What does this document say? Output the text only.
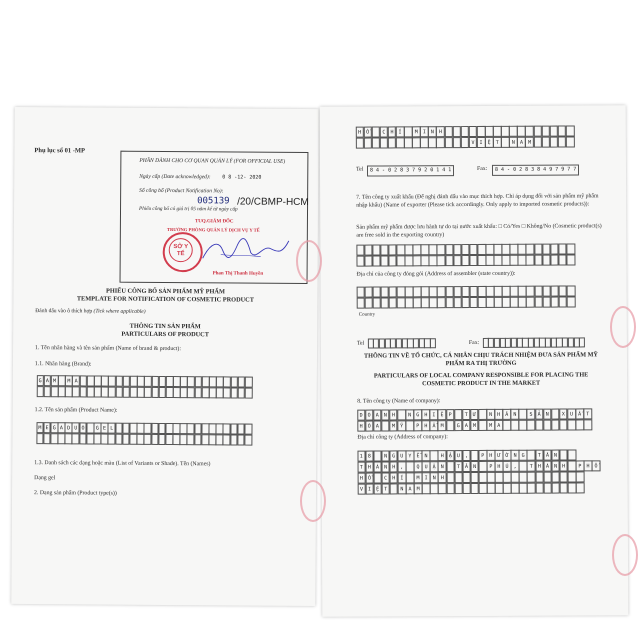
Phụ lục số 01 -MP
PHẦN DÀNH CHO CƠ QUAN QUẢN LÝ (FOR OFFICIAL USE)
Ngày cấp (Date acknowledged): 0 8 -12- 2020
Số công bố (Product Notification No):
005139 /20/CBMP-HCM
Phiếu công bố có giá trị 05 năm kể từ ngày cấp
TUQ.GIÁM ĐỐC
TRƯỞNG PHÒNG QUẢN LÝ DỊCH VỤ Y TẾ
SỞ Y TẾ
Phan Thị Thanh Huyền
PHIẾU CÔNG BỐ SẢN PHẨM MỸ PHẨM
TEMPLATE FOR NOTIFICATION OF COSMETIC PRODUCT
Đánh dấu vào ô thích hợp (Tick where applicable)
THÔNG TIN SẢN PHẨM
PARTICULARS OF PRODUCT
1. Tên nhãn hàng và tên sản phẩm (Name of brand & product):
1.1. Nhãn hàng (Brand):
G A M	M A
1.2. Tên sản phẩm (Product Name):
M E G A D U O	G E L
1.3. Danh sách các dạng hoặc màu (List of Variants or Shade). Tên (Names)
Dạng gel
2. Dạng sản phẩm (Product type(s))
H	Ồ	C	H	Í	M	I	N	H
V	I	Ệ	T	N	A	M
Tel	8 4 - 0 2 8 3 7 9 2 0 1 4 1	Fax:	8 4 - 0 2 8 3 8 4 9 7 9 7 7
7. Tên công ty xuất khẩu (Để nghị đánh dấu vào mục thích hợp. Chỉ áp dụng đối với sản phẩm mỹ phẩm nhập khẩu) (Name of exporter (Please tick accordingly. Only apply to imported cosmetic products)):
Sản phẩm mỹ phẩm được lưu hành tự do tại nước xuất khẩu: □ Có/Yes □ Không/No (Cosmetic product(s) are free sold in the exporting country)
Địa chỉ của công ty đóng gói (Address of assembler (state country)):
Country
Tel	Fax:
THÔNG TIN VỀ TỔ CHỨC, CÁ NHÂN CHỊU TRÁCH NHIỆM ĐƯA SẢN PHẨM MỸ PHẨM RA THỊ TRƯỜNG
PARTICULARS OF LOCAL COMPANY RESPONSIBLE FOR PLACING THE COSMETIC PRODUCT IN THE MARKET
8. Tên công ty (Name of company):
D	O	A	N	H	N	G	H	I	Ệ	P	T	Ư	N	H	Â	N	S	Ả	N	X	U	Ấ	T
H	Ò	A	M	Ỹ	P	H	Ẩ	M	G	A	M	M	A
Địa chỉ công ty (Address of company):
1	8	N	G	U	Y	Ễ	N	H	Ậ	U	,	P	H	Ư	Ờ	N	G	T	Â	N
T	H	À	N	H	,	Q	U	Ậ	N	T	Â	N	P	H	Ú	,	T	H	À	N	H	P	H	Ố
H	Ồ	C	H	Í	M	I	N	H
V	I	Ệ	T	N	A	M
